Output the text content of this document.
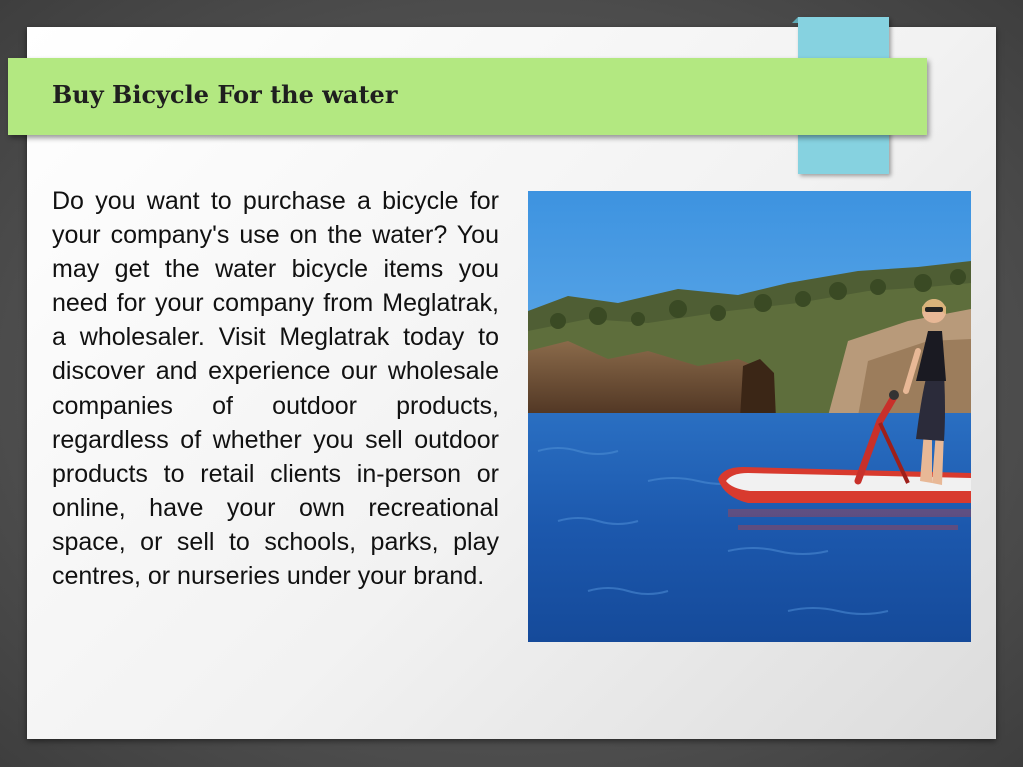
Buy Bicycle For the water

Do you want to purchase a bicycle for your company's use on the water? You may get the water bicycle items you need for your company from Meglatrak, a wholesaler. Visit Meglatrak today to discover and experience our wholesale companies of outdoor products, regardless of whether you sell outdoor products to retail clients in-person or online, have your own recreational space, or sell to schools, parks, play centres, or nurseries under your brand.
